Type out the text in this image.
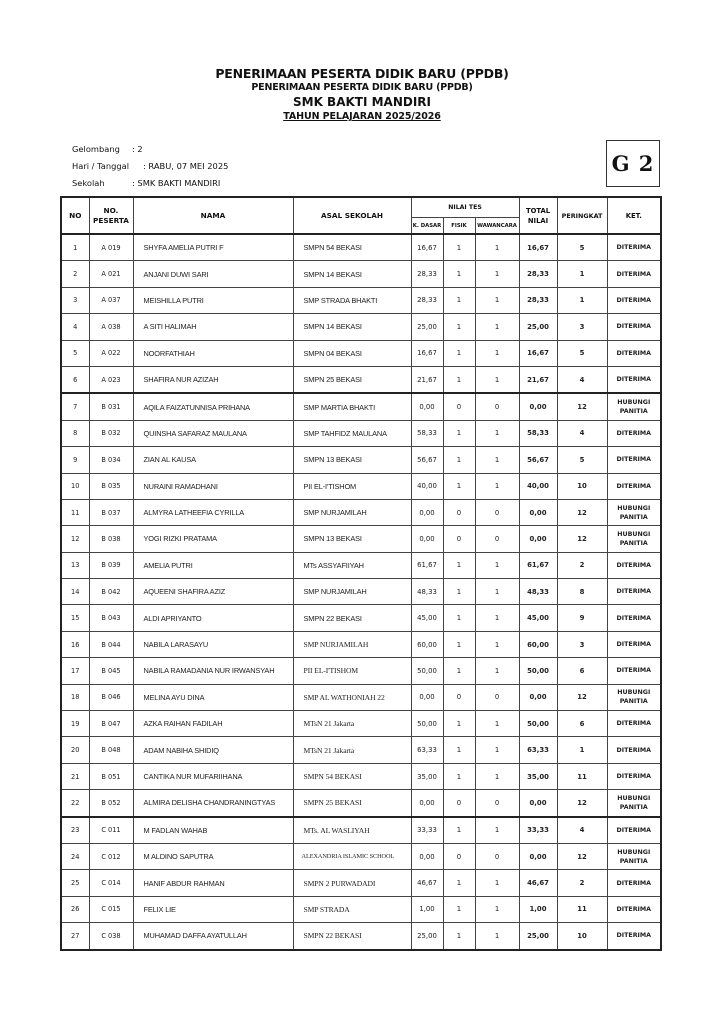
PENERIMAAN PESERTA DIDIK BARU (PPDB)
PENERIMAAN PESERTA DIDIK BARU (PPDB)
SMK BAKTI MANDIRI
TAHUN PELAJARAN 2025/2026
Gelombang : 2
Hari / Tanggal : RABU, 07 MEI 2025
Sekolah	: SMK BAKTI MANDIRI
G 2
NO	NO. PESERTA	NAMA	ASAL SEKOLAH	NILAI TES			TOTAL NILAI	PERINGKAT	KET.
				K. DASAR	FISIK	WAWANCARA			
1	A 019	SHYFA AMELIA PUTRI F	SMPN 54 BEKASI	16,67	1	1	16,67	5	DITERIMA
2	A 021	ANJANI DUWI SARI	SMPN 14 BEKASI	28,33	1	1	28,33	1	DITERIMA
3	A 037	MEISHILLA PUTRI	SMP STRADA BHAKTI	28,33	1	1	28,33	1	DITERIMA
4	A 038	A SITI HALIMAH	SMPN 14 BEKASI	25,00	1	1	25,00	3	DITERIMA
5	A 022	NOORFATHIAH	SMPN 04 BEKASI	16,67	1	1	16,67	5	DITERIMA
6	A 023	SHAFIRA NUR AZIZAH	SMPN 25 BEKASI	21,67	1	1	21,67	4	DITERIMA
7	B 031	AQILA FAIZATUNNISA PRIHANA	SMP MARTIA BHAKTI	0,00	0	0	0,00	12	HUBUNGI PANITIA
8	B 032	QUINSHA SAFARAZ MAULANA	SMP TAHFIDZ MAULANA	58,33	1	1	58,33	4	DITERIMA
9	B 034	ZIAN AL KAUSA	SMPN 13 BEKASI	56,67	1	1	56,67	5	DITERIMA
10	B 035	NURAINI RAMADHANI	PII EL-I'TISHOM	40,00	1	1	40,00	10	DITERIMA
11	B 037	ALMYRA LATHEEFIA CYRILLA	SMP NURJAMILAH	0,00	0	0	0,00	12	HUBUNGI PANITIA
12	B 038	YOGI RIZKI PRATAMA	SMPN 13 BEKASI	0,00	0	0	0,00	12	HUBUNGI PANITIA
13	B 039	AMELIA PUTRI	MTs ASSYAFIIYAH	61,67	1	1	61,67	2	DITERIMA
14	B 042	AQUEENI SHAFIRA AZIZ	SMP NURJAMILAH	48,33	1	1	48,33	8	DITERIMA
15	B 043	ALDI APRIYANTO	SMPN 22 BEKASI	45,00	1	1	45,00	9	DITERIMA
16	B 044	NABILA LARASAYU	SMP NURJAMILAH	60,00	1	1	60,00	3	DITERIMA
17	B 045	NABILA RAMADANIA NUR IRWANSYAH	PII EL-I'TISHOM	50,00	1	1	50,00	6	DITERIMA
18	B 046	MELINA AYU DINA	SMP AL WATHONIAH 22	0,00	0	0	0,00	12	HUBUNGI PANITIA
19	B 047	AZKA RAIHAN FADILAH	MTsN 21 Jakarta	50,00	1	1	50,00	6	DITERIMA
20	B 048	ADAM NABIHA SHIDIQ	MTsN 21 Jakarta	63,33	1	1	63,33	1	DITERIMA
21	B 051	CANTIKA NUR MUFARIIHANA	SMPN 54 BEKASI	35,00	1	1	35,00	11	DITERIMA
22	B 052	ALMIRA DELISHA CHANDRANINGTYAS	SMPN 25 BEKASI	0,00	0	0	0,00	12	HUBUNGI PANITIA
23	C 011	M FADLAN WAHAB	MTs. AL WASLIYAH	33,33	1	1	33,33	4	DITERIMA
24	C 012	M ALDINO SAPUTRA	ALEXANDRIA ISLAMIC SCHOOL	0,00	0	0	0,00	12	HUBUNGI PANITIA
25	C 014	HANIF ABDUR RAHMAN	SMPN 2 PURWADADI	46,67	1	1	46,67	2	DITERIMA
26	C 015	FELIX LIE	SMP STRADA	1,00	1	1	1,00	11	DITERIMA
27	C 038	MUHAMAD DAFFA AYATULLAH	SMPN 22 BEKASI	25,00	1	1	25,00	10	DITERIMA
